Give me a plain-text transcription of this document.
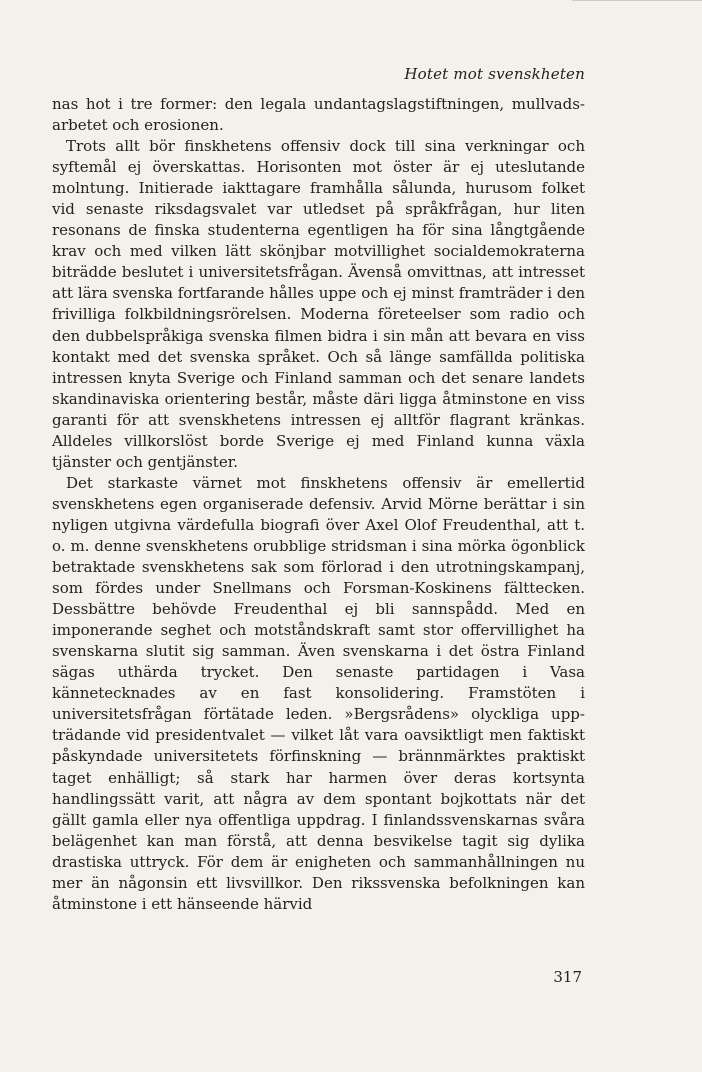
Hotet mot svenskheten

nas hot i tre former: den legala undantagslagstiftningen, mullvadsarbetet och erosionen.

Trots allt bör finskhetens offensiv dock till sina verkningar och syftemål ej överskattas. Horisonten mot öster är ej uteslutande molntung. Initierade iakttagare framhålla sålunda, hurusom folket vid senaste riksdagsvalet var utledset på språkfrågan, hur liten resonans de finska studenterna egentligen ha för sina långtgående krav och med vilken lätt skönjbar motvillighet socialdemokraterna biträdde beslutet i universitetsfrågan. Ävenså omvittnas, att intresset att lära svenska fortfarande hålles uppe och ej minst framträder i den frivilliga folkbildningsrörelsen. Moderna företeelser som radio och den dubbelspråkiga svenska filmen bidra i sin mån att bevara en viss kontakt med det svenska språket. Och så länge samfällda politiska intressen knyta Sverige och Finland samman och det senare landets skandinaviska orientering består, måste däri ligga åtminstone en viss garanti för att svenskhetens intressen ej alltför flagrant kränkas. Alldeles villkorslöst borde Sverige ej med Finland kunna växla tjänster och gentjänster.

Det starkaste värnet mot finskhetens offensiv är emellertid svenskhetens egen organiserade defensiv. Arvid Mörne berättar i sin nyligen utgivna värdefulla biografi över Axel Olof Freudenthal, att t. o. m. denne svenskhetens orubblige stridsman i sina mörka ögonblick betraktade svenskhetens sak som förlorad i den utrotningskampanj, som fördes under Snellmans och Forsman-Koskinens fälttecken. Dessbättre behövde Freudenthal ej bli sannspådd. Med en imponerande seghet och motståndskraft samt stor offervillighet ha svenskarna slutit sig samman. Även svenskarna i det östra Finland sägas uthärda trycket. Den senaste partidagen i Vasa kännetecknades av en fast konsolidering. Framstöten i universitetsfrågan förtätade leden. »Bergsrådens» olyckliga uppträdande vid presidentvalet — vilket låt vara oavsiktligt men faktiskt påskyndade universitetets förfinskning — brännmärktes praktiskt taget enhälligt; så stark har harmen över deras kortsynta handlingssätt varit, att några av dem spontant bojkottats när det gällt gamla eller nya offentliga uppdrag. I finlandssvenskarnas svåra belägenhet kan man förstå, att denna besvikelse tagit sig dylika drastiska uttryck. För dem är enigheten och sammanhållningen nu mer än någonsin ett livsvillkor. Den rikssvenska befolkningen kan åtminstone i ett hänseende härvid

317
